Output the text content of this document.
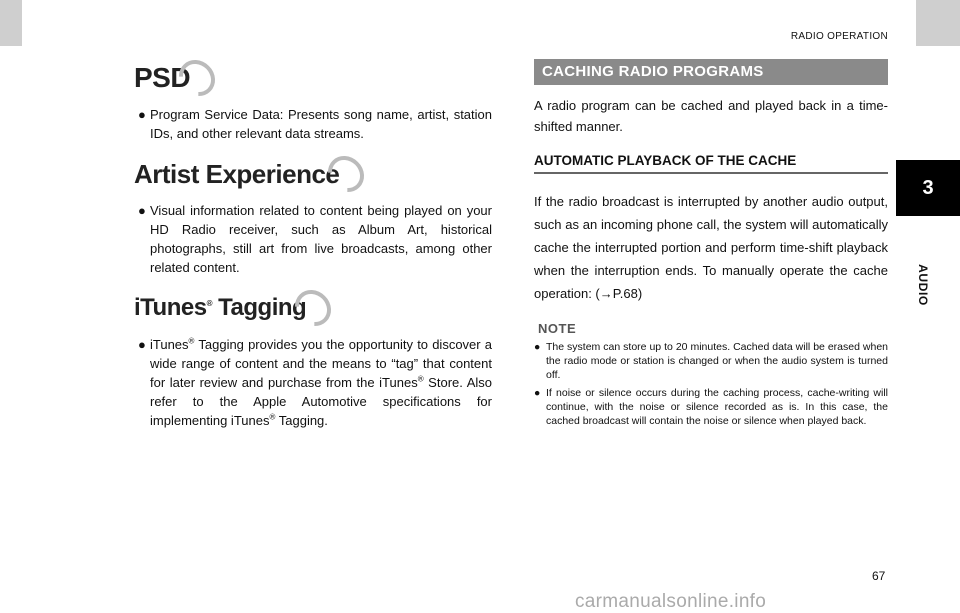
RADIO OPERATION
3
AUDIO
PSD
● Program Service Data: Presents song name, artist, station IDs, and other relevant data streams.
Artist Experience
● Visual information related to content being played on your HD Radio receiver, such as Album Art, historical photographs, still art from live broadcasts, among other related content.
iTunes® Tagging
● iTunes® Tagging provides you the opportunity to discover a wide range of content and the means to “tag” that content for later review and purchase from the iTunes® Store. Also refer to the Apple Automotive specifications for implementing iTunes® Tagging.
CACHING RADIO PROGRAMS
A radio program can be cached and played back in a time-shifted manner.
AUTOMATIC PLAYBACK OF THE CACHE
If the radio broadcast is interrupted by another audio output, such as an incoming phone call, the system will automatically cache the interrupted portion and perform time-shift playback when the interruption ends. To manually operate the cache operation: (→P.68)
NOTE
● The system can store up to 20 minutes. Cached data will be erased when the radio mode or station is changed or when the audio system is turned off.
● If noise or silence occurs during the caching process, cache-writing will continue, with the noise or silence recorded as is. In this case, the cached broadcast will contain the noise or silence when played back.
67
carmanualsonline.info
